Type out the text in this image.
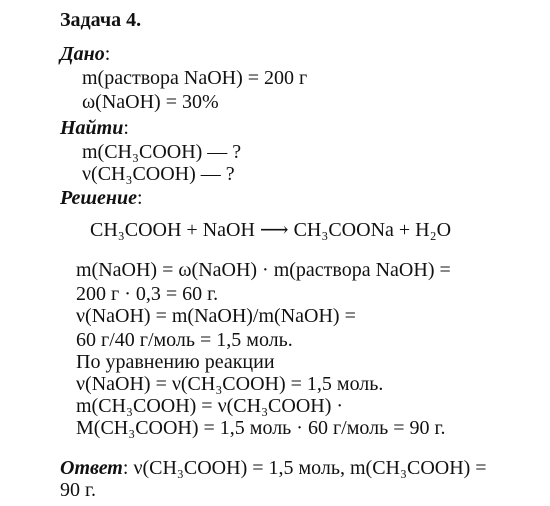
Задача 4.
Дано:
m(раствора NaOH) = 200 г
ω(NaOH) = 30%
Найти:
m(CH₃COOH) — ?
ν(CH₃COOH) — ?
Решение:
CH₃COOH + NaOH ⟶ CH₃COONa + H₂O
m(NaOH) = ω(NaOH) · m(раствора NaOH) =
200 г · 0,3 = 60 г.
ν(NaOH) = m(NaOH)/m(NaOH) =
60 г/40 г/моль = 1,5 моль.
По уравнению реакции
ν(NaOH) = ν(CH₃COOH) = 1,5 моль.
m(CH₃COOH) = ν(CH₃COOH) ·
M(CH₃COOH) = 1,5 моль · 60 г/моль = 90 г.
Ответ: ν(CH₃COOH) = 1,5 моль, m(CH₃COOH) =
90 г.
